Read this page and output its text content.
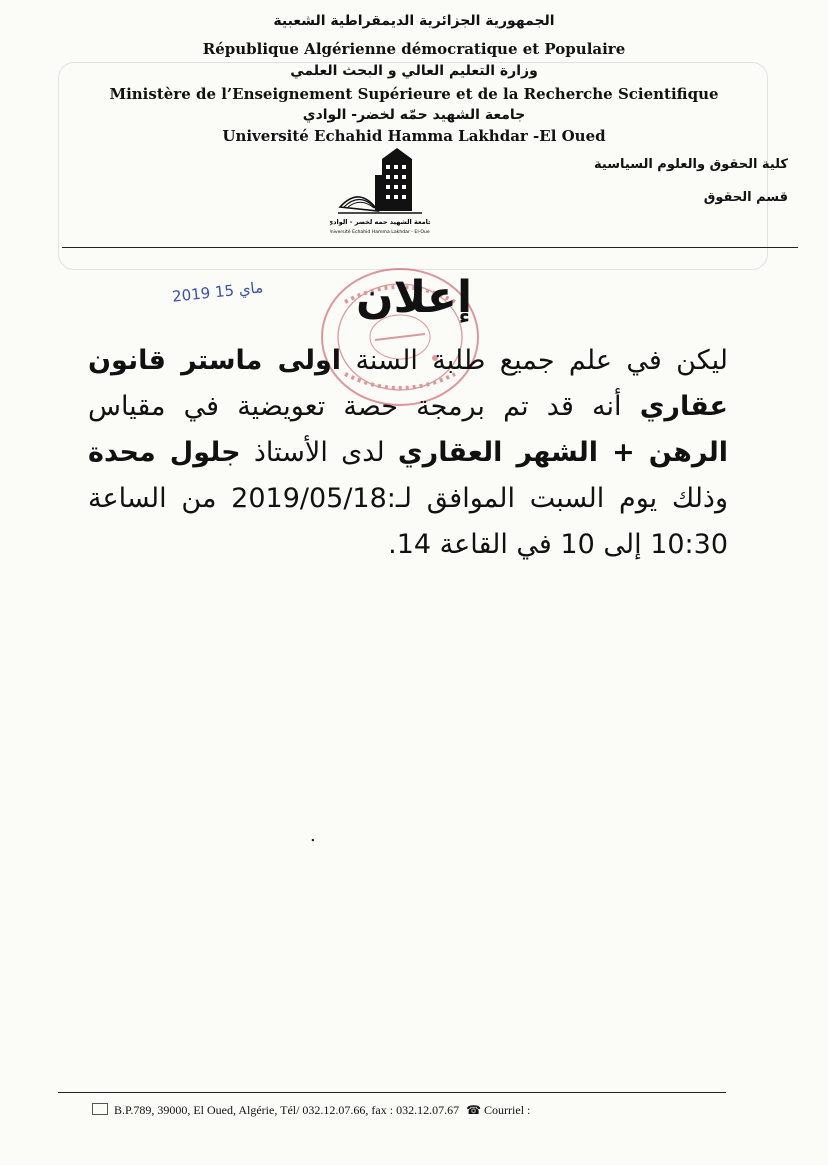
الجمهورية الجزائرية الديمقراطية الشعبية
République Algérienne démocratique et Populaire
وزارة التعليم العالي و البحث العلمي
Ministère de l’Enseignement Supérieure et de la Recherche Scientifique
جامعة الشهيد حمّه لخضر- الوادي
Université Echahid Hamma Lakhdar -El Oued
كلية الحقوق والعلوم السياسية
قسم الحقوق
جامعة الشهيد حمه لخضر - الوادي
Université Echahid Hamma Lakhdar - El-Oued
إعلان
2019 ماي 15
ليكن في علم جميع طلبة السنة اولى ماستر قانون عقاري أنه قد تم برمجة حصة تعويضية في مقياس الرهن + الشهر العقاري لدى الأستاذ جلول محدة وذلك يوم السبت الموافق لـ:2019/05/18 من الساعة 10:30 إلى 10 في القاعة 14.
.
B.P.789, 39000, El Oued, Algérie, Tél/ 032.12.07.66, fax : 032.12.07.67 ☎ Courriel :
